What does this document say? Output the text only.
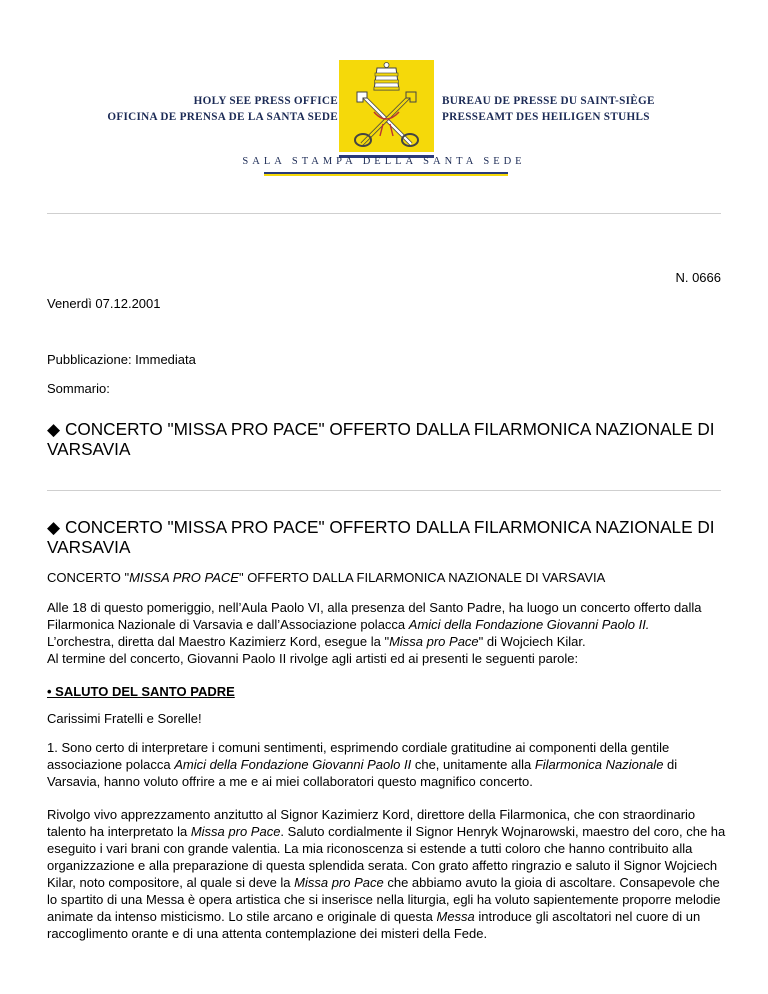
HOLY SEE PRESS OFFICE
OFICINA DE PRENSA DE LA SANTA SEDE
BUREAU DE PRESSE DU SAINT-SIÈGE
PRESSEAMT DES HEILIGEN STUHLS
SALA STAMPA DELLA SANTA SEDE
N. 0666
Venerdì 07.12.2001
Pubblicazione: Immediata
Sommario:
◆ CONCERTO "MISSA PRO PACE" OFFERTO DALLA FILARMONICA NAZIONALE DI VARSAVIA
◆ CONCERTO "MISSA PRO PACE" OFFERTO DALLA FILARMONICA NAZIONALE DI VARSAVIA
CONCERTO "MISSA PRO PACE" OFFERTO DALLA FILARMONICA NAZIONALE DI VARSAVIA
Alle 18 di questo pomeriggio, nell’Aula Paolo VI, alla presenza del Santo Padre, ha luogo un concerto offerto dalla Filarmonica Nazionale di Varsavia e dall’Associazione polacca Amici della Fondazione Giovanni Paolo II.
L’orchestra, diretta dal Maestro Kazimierz Kord, esegue la "Missa pro Pace" di Wojciech Kilar.
Al termine del concerto, Giovanni Paolo II rivolge agli artisti ed ai presenti le seguenti parole:
• SALUTO DEL SANTO PADRE
Carissimi Fratelli e Sorelle!
1. Sono certo di interpretare i comuni sentimenti, esprimendo cordiale gratitudine ai componenti della gentile associazione polacca Amici della Fondazione Giovanni Paolo II che, unitamente alla Filarmonica Nazionale di Varsavia, hanno voluto offrire a me e ai miei collaboratori questo magnifico concerto.
Rivolgo vivo apprezzamento anzitutto al Signor Kazimierz Kord, direttore della Filarmonica, che con straordinario talento ha interpretato la Missa pro Pace. Saluto cordialmente il Signor Henryk Wojnarowski, maestro del coro, che ha eseguito i vari brani con grande valentia. La mia riconoscenza si estende a tutti coloro che hanno contribuito alla organizzazione e alla preparazione di questa splendida serata. Con grato affetto ringrazio e saluto il Signor Wojciech Kilar, noto compositore, al quale si deve la Missa pro Pace che abbiamo avuto la gioia di ascoltare. Consapevole che lo spartito di una Messa è opera artistica che si inserisce nella liturgia, egli ha voluto sapientemente proporre melodie animate da intenso misticismo. Lo stile arcano e originale di questa Messa introduce gli ascoltatori nel cuore di un raccoglimento orante e di una attenta contemplazione dei misteri della Fede.
